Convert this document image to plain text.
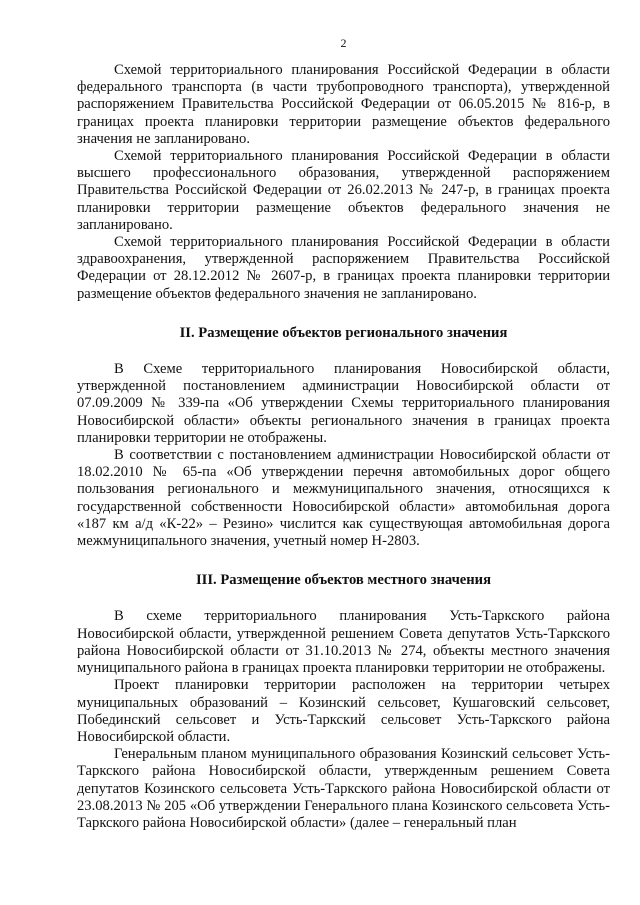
2

Схемой территориального планирования Российской Федерации в области федерального транспорта (в части трубопроводного транспорта), утвержденной распоряжением Правительства Российской Федерации от 06.05.2015 № 816-р, в границах проекта планировки территории размещение объектов федерального значения не запланировано.

Схемой территориального планирования Российской Федерации в области высшего профессионального образования, утвержденной распоряжением Правительства Российской Федерации от 26.02.2013 № 247-р, в границах проекта планировки территории размещение объектов федерального значения не запланировано.

Схемой территориального планирования Российской Федерации в области здравоохранения, утвержденной распоряжением Правительства Российской Федерации от 28.12.2012 № 2607-р, в границах проекта планировки территории размещение объектов федерального значения не запланировано.

II. Размещение объектов регионального значения

В Схеме территориального планирования Новосибирской области, утвержденной постановлением администрации Новосибирской области от 07.09.2009 № 339-па «Об утверждении Схемы территориального планирования Новосибирской области» объекты регионального значения в границах проекта планировки территории не отображены.

В соответствии с постановлением администрации Новосибирской области от 18.02.2010 № 65-па «Об утверждении перечня автомобильных дорог общего пользования регионального и межмуниципального значения, относящихся к государственной собственности Новосибирской области» автомобильная дорога «187 км а/д «К-22» – Резино» числится как существующая автомобильная дорога межмуниципального значения, учетный номер Н-2803.

III. Размещение объектов местного значения

В схеме территориального планирования Усть-Таркского района Новосибирской области, утвержденной решением Совета депутатов Усть-Таркского района Новосибирской области от 31.10.2013 № 274, объекты местного значения муниципального района в границах проекта планировки территории не отображены.

Проект планировки территории расположен на территории четырех муниципальных образований – Козинский сельсовет, Кушаговский сельсовет, Побединский сельсовет и Усть-Таркский сельсовет Усть-Таркского района Новосибирской области.

Генеральным планом муниципального образования Козинский сельсовет Усть-Таркского района Новосибирской области, утвержденным решением Совета депутатов Козинского сельсовета Усть-Таркского района Новосибирской области от 23.08.2013 № 205 «Об утверждении Генерального плана Козинского сельсовета Усть-Таркского района Новосибирской области» (далее – генеральный план
